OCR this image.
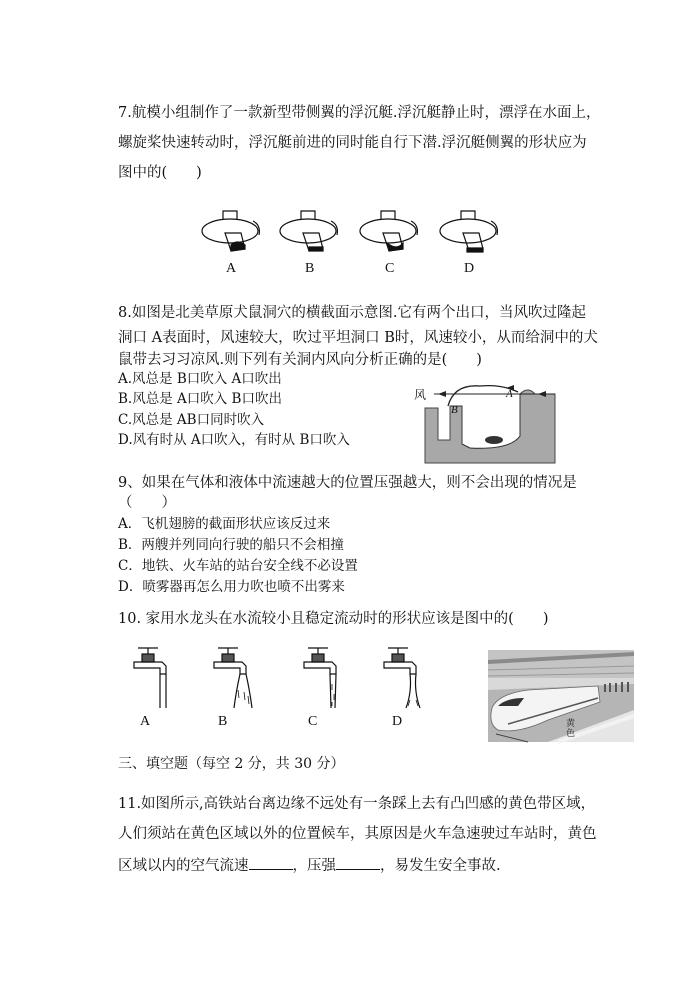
7.航模小组制作了一款新型带侧翼的浮沉艇.浮沉艇静止时，漂浮在水面上，
螺旋桨快速转动时，浮沉艇前进的同时能自行下潜.浮沉艇侧翼的形状应为
图中的(　　)
A	B	C	D
8.如图是北美草原犬鼠洞穴的横截面示意图.它有两个出口，当风吹过隆起
洞口 A表面时，风速较大，吹过平坦洞口 B时，风速较小，从而给洞中的犬
鼠带去习习凉风.则下列有关洞内风向分析正确的是(　　)
A.风总是 B口吹入 A口吹出
B.风总是 A口吹入 B口吹出
C.风总是 AB口同时吹入
D.风有时从 A口吹入，有时从 B口吹入
风	A
B
9、如果在气体和液体中流速越大的位置压强越大，则不会出现的情况是
（　　）
A．飞机翅膀的截面形状应该反过来
B．两艘并列同向行驶的船只不会相撞
C．地铁、火车站的站台安全线不必设置
D．喷雾器再怎么用力吹也喷不出雾来
10. 家用水龙头在水流较小且稳定流动时的形状应该是图中的(　　)
A	B	C	D	黄色
三、填空题（每空 2 分，共 30 分）
11.如图所示,高铁站台离边缘不远处有一条踩上去有凸凹感的黄色带区域，
人们须站在黄色区域以外的位置候车，其原因是火车急速驶过车站时，黄色
区域以内的空气流速	，压强	，易发生安全事故.
